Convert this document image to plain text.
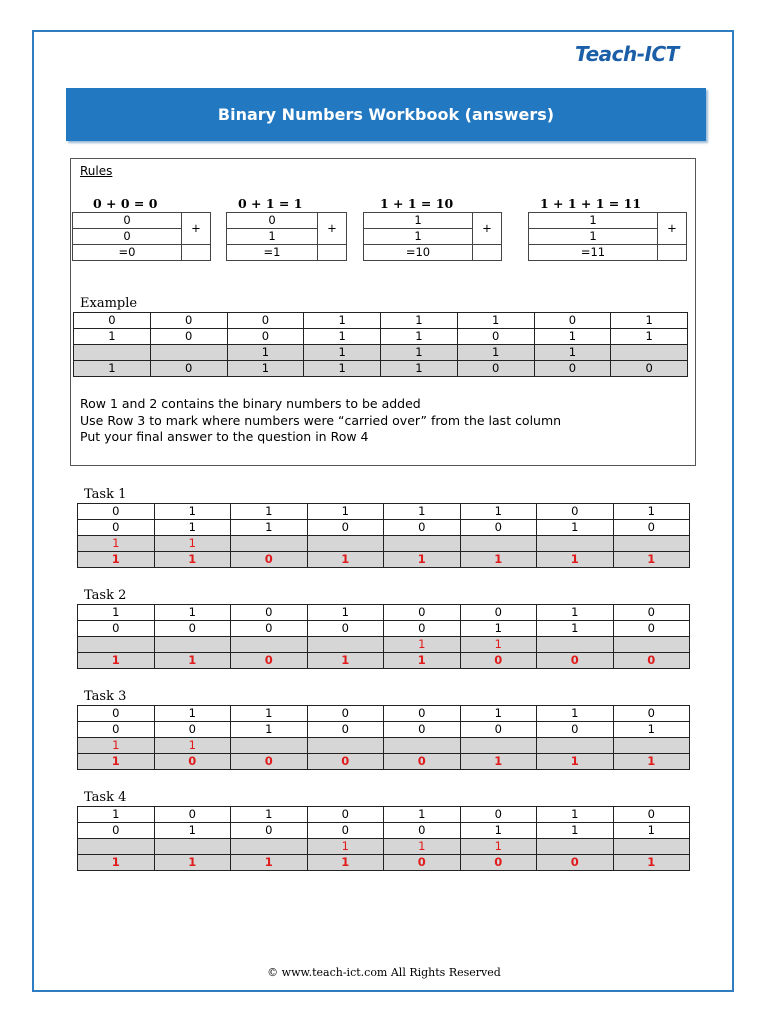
Teach-ICT
Binary Numbers Workbook (answers)
Rules
0 + 0 = 0
0	+
0	
=0	
0 + 1 = 1
0	+
1	
=1	
1 + 1 = 10
1	+
1	
=10	
1 + 1 + 1 = 11
1	+
1	
=11	
Example
0	0	0	1	1	1	0	1
1	0	0	1	1	0	1	1
		1	1	1	1	1	
1	0	1	1	1	0	0	0
Row 1 and 2 contains the binary numbers to be added
Use Row 3 to mark where numbers were “carried over” from the last column
Put your final answer to the question in Row 4
Task 1
0	1	1	1	1	1	0	1
0	1	1	0	0	0	1	0
1	1						
1	1	0	1	1	1	1	1
Task 2
1	1	0	1	0	0	1	0
0	0	0	0	0	1	1	0
				1	1		
1	1	0	1	1	0	0	0
Task 3
0	1	1	0	0	1	1	0
0	0	1	0	0	0	0	1
1	1						
1	0	0	0	0	1	1	1
Task 4
1	0	1	0	1	0	1	0
0	1	0	0	0	1	1	1
			1	1	1		
1	1	1	1	0	0	0	1
© www.teach-ict.com All Rights Reserved
